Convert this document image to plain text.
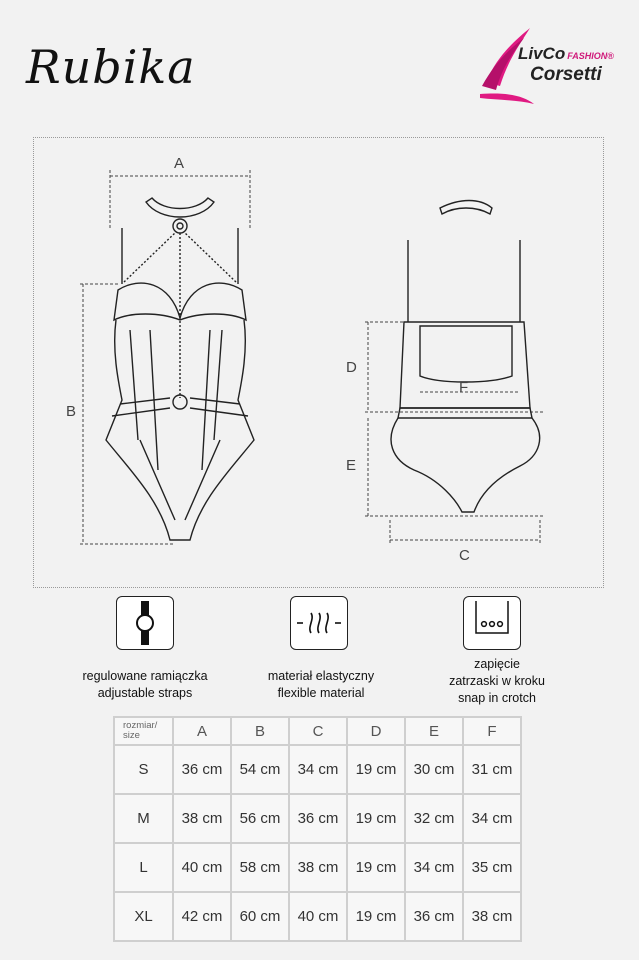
Rubika	LivCo FASHION®
Corsetti
A
B
C
D
E
F
regulowane ramiączka
adjustable straps
materiał elastyczny
flexible material
zapięcie
zatrzaski w kroku
snap in crotch
rozmiar/
size	A	B	C	D	E	F
S	36 cm	54 cm	34 cm	19 cm	30 cm	31 cm
M	38 cm	56 cm	36 cm	19 cm	32 cm	34 cm
L	40 cm	58 cm	38 cm	19 cm	34 cm	35 cm
XL	42 cm	60 cm	40 cm	19 cm	36 cm	38 cm
